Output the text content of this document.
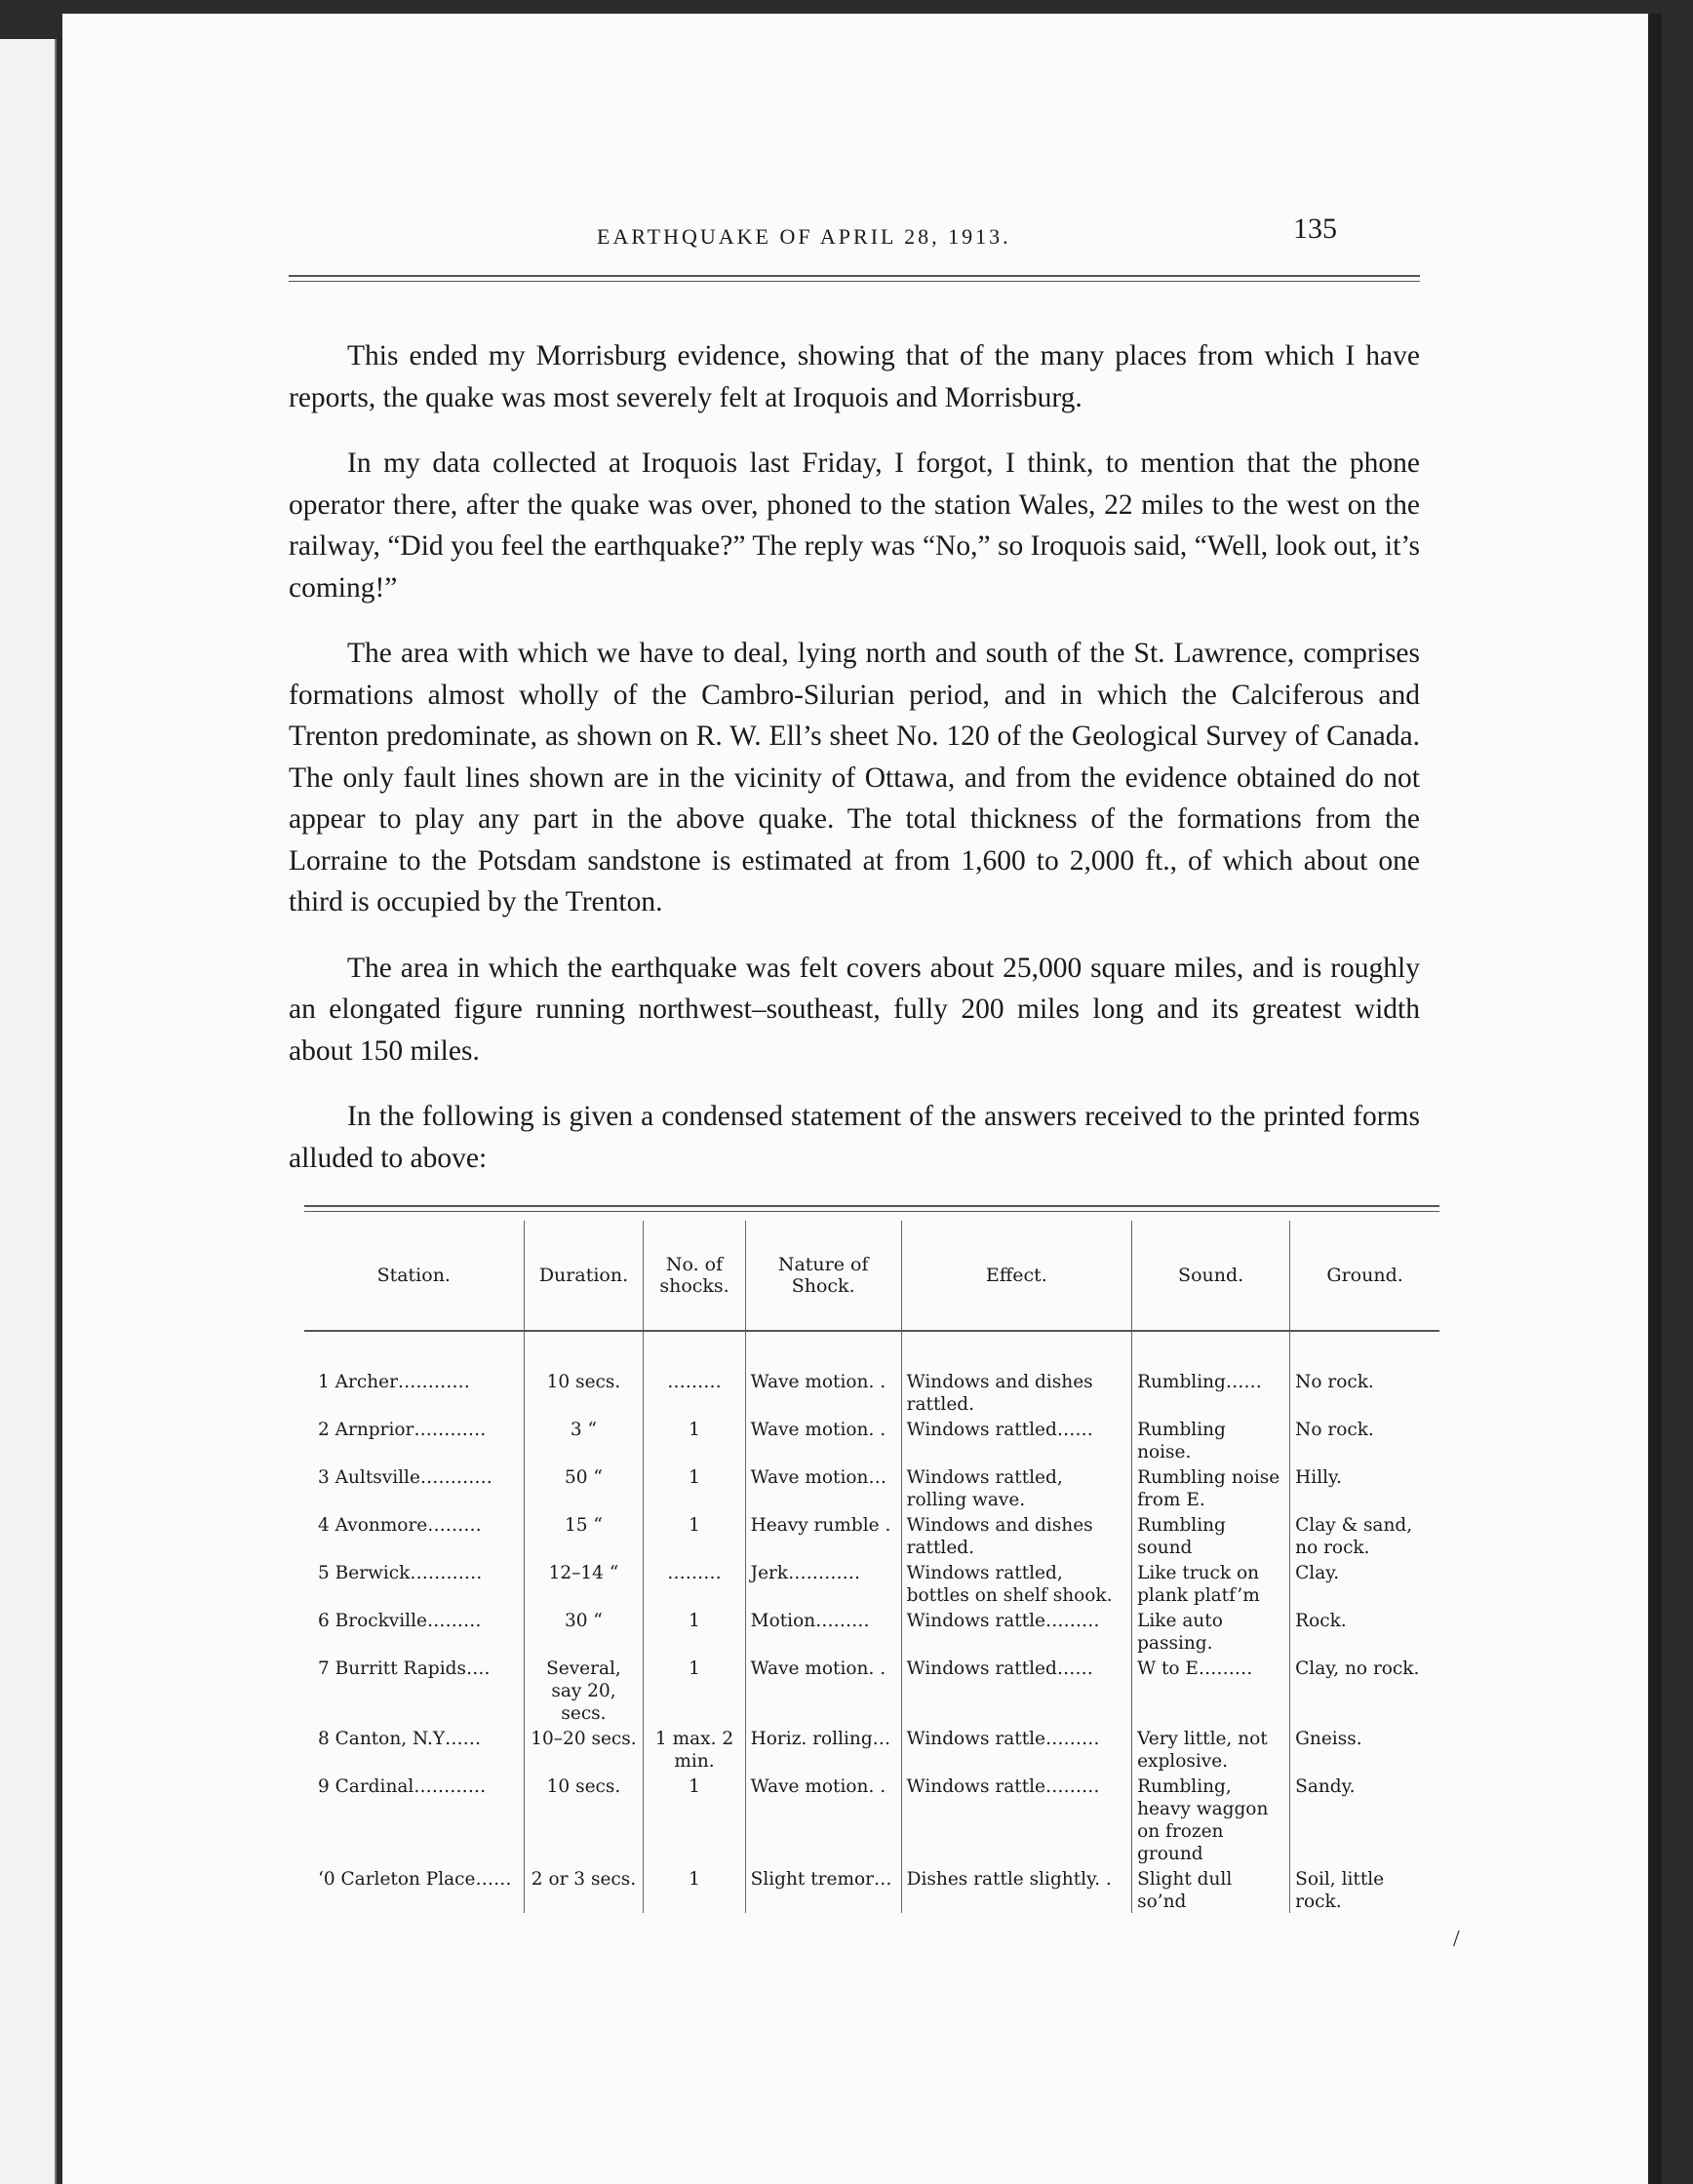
EARTHQUAKE OF APRIL 28, 1913.	135

This ended my Morrisburg evidence, showing that of the many places from which I have reports, the quake was most severely felt at Iroquois and Morrisburg.

In my data collected at Iroquois last Friday, I forgot, I think, to mention that the phone operator there, after the quake was over, phoned to the station Wales, 22 miles to the west on the railway, “Did you feel the earthquake?” The reply was “No,” so Iroquois said, “Well, look out, it’s coming!”

The area with which we have to deal, lying north and south of the St. Lawrence, comprises formations almost wholly of the Cambro-Silurian period, and in which the Calciferous and Trenton predominate, as shown on R. W. Ell’s sheet No. 120 of the Geological Survey of Canada. The only fault lines shown are in the vicinity of Ottawa, and from the evidence obtained do not appear to play any part in the above quake. The total thickness of the formations from the Lorraine to the Potsdam sandstone is estimated at from 1,600 to 2,000 ft., of which about one third is occupied by the Trenton.

The area in which the earthquake was felt covers about 25,000 square miles, and is roughly an elongated figure running northwest–southeast, fully 200 miles long and its greatest width about 150 miles.

In the following is given a condensed statement of the answers received to the printed forms alluded to above:

Station.	Duration.	No. of shocks.	Nature of Shock.	Effect.	Sound.	Ground.
1 Archer…………	10 secs.	………	Wave motion. .	Windows and dishes rattled.	Rumbling……	No rock.
2 Arnprior…………	3 “	1	Wave motion. .	Windows rattled……	Rumbling noise.	No rock.
3 Aultsville…………	50 “	1	Wave motion…	Windows rattled, rolling wave.	Rumbling noise from E.	Hilly.
4 Avonmore………	15 “	1	Heavy rumble .	Windows and dishes rattled.	Rumbling sound	Clay & sand, no rock.
5 Berwick…………	12–14 “	………	Jerk…………	Windows rattled, bottles on shelf shook.	Like truck on plank platf’m	Clay.
6 Brockville………	30 “	1	Motion………	Windows rattle………	Like auto passing.	Rock.
7 Burritt Rapids….	Several, say 20, secs.	1	Wave motion. .	Windows rattled……	W to E………	Clay, no rock.
8 Canton, N.Y……	10–20 secs.	1 max. 2 min.	Horiz. rolling…	Windows rattle………	Very little, not explosive.	Gneiss.
9 Cardinal…………	10 secs.	1	Wave motion. .	Windows rattle………	Rumbling, heavy waggon on frozen ground	Sandy.
‘0 Carleton Place……	2 or 3 secs.	1	Slight tremor…	Dishes rattle slightly. .	Slight dull so’nd	Soil, little rock.
/
